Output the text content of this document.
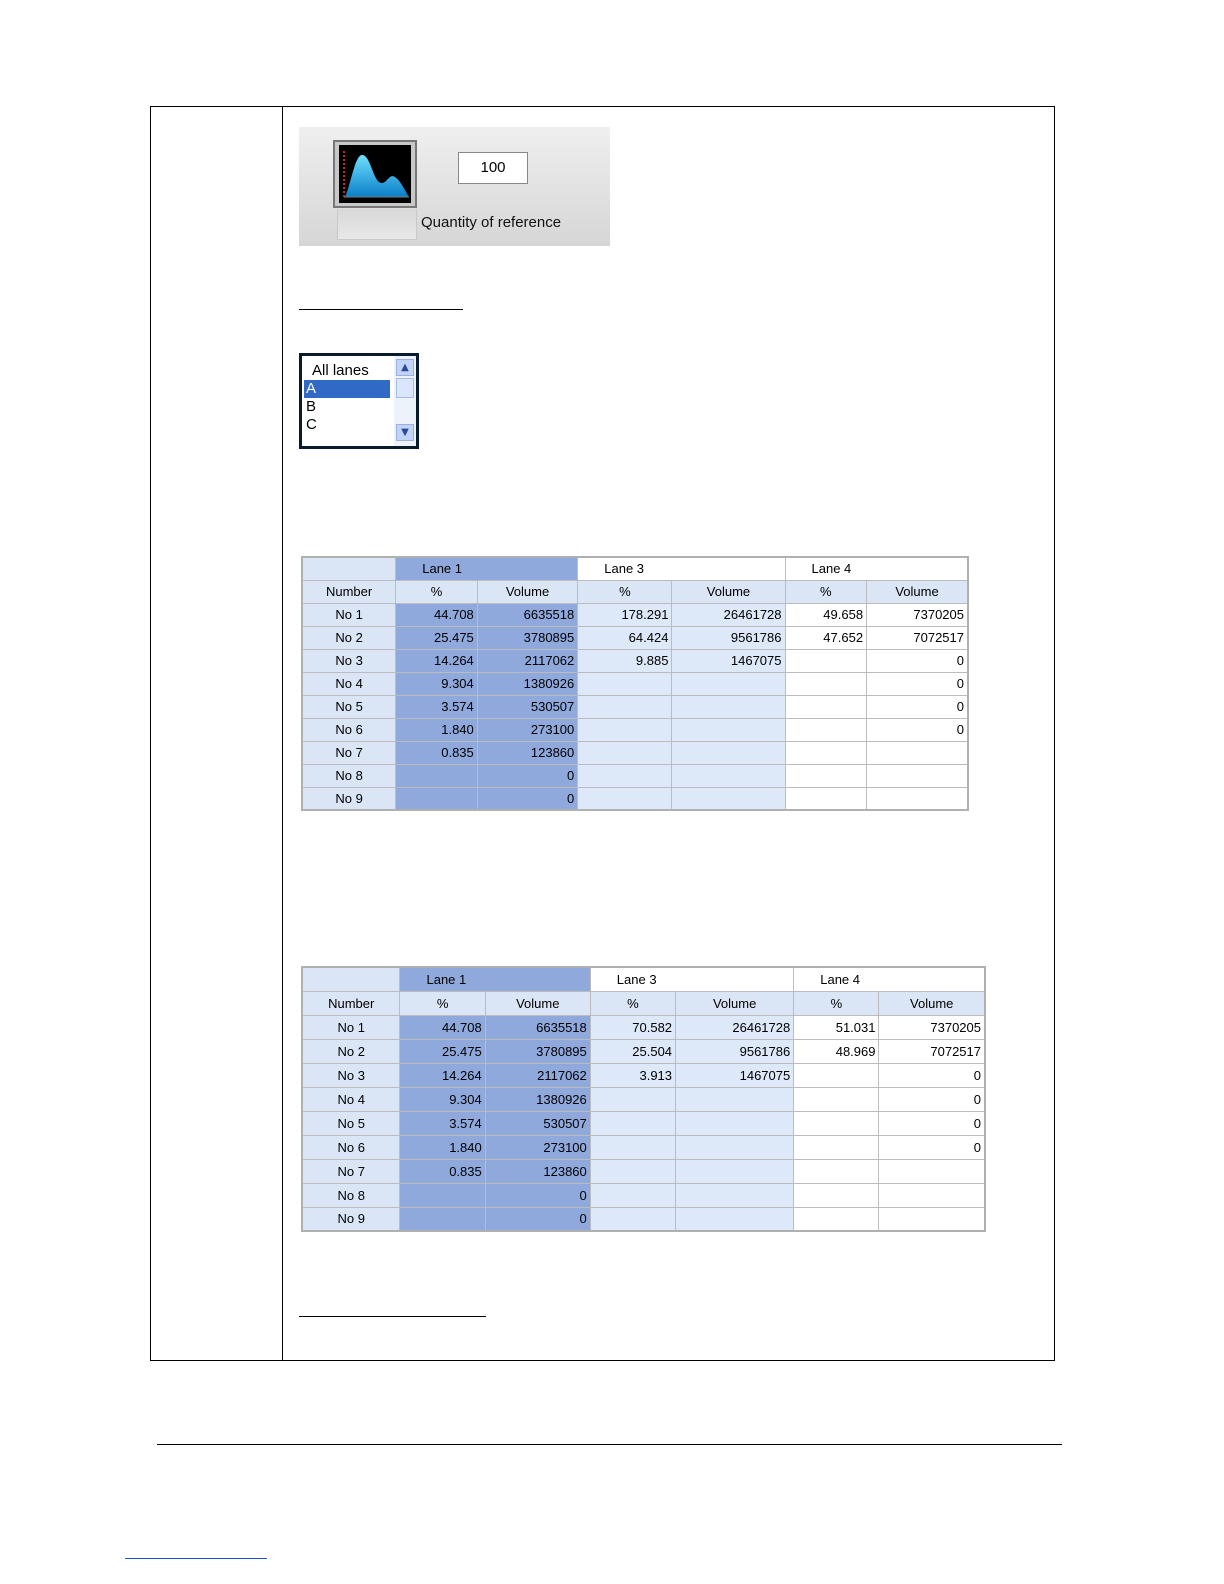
100
Quantity of reference
All lanes
A
B
C
▲
▼
	Lane 1		Lane 3		Lane 4	
Number	%	Volume	%	Volume	%	Volume
No 1	44.708	6635518	178.291	26461728	49.658	7370205
No 2	25.475	3780895	64.424	9561786	47.652	7072517
No 3	14.264	2117062	9.885	1467075		0
No 4	9.304	1380926				0
No 5	3.574	530507				0
No 6	1.840	273100				0
No 7	0.835	123860				
No 8		0				
No 9		0				
	Lane 1		Lane 3		Lane 4	
Number	%	Volume	%	Volume	%	Volume
No 1	44.708	6635518	70.582	26461728	51.031	7370205
No 2	25.475	3780895	25.504	9561786	48.969	7072517
No 3	14.264	2117062	3.913	1467075		0
No 4	9.304	1380926				0
No 5	3.574	530507				0
No 6	1.840	273100				0
No 7	0.835	123860				
No 8		0				
No 9		0				
